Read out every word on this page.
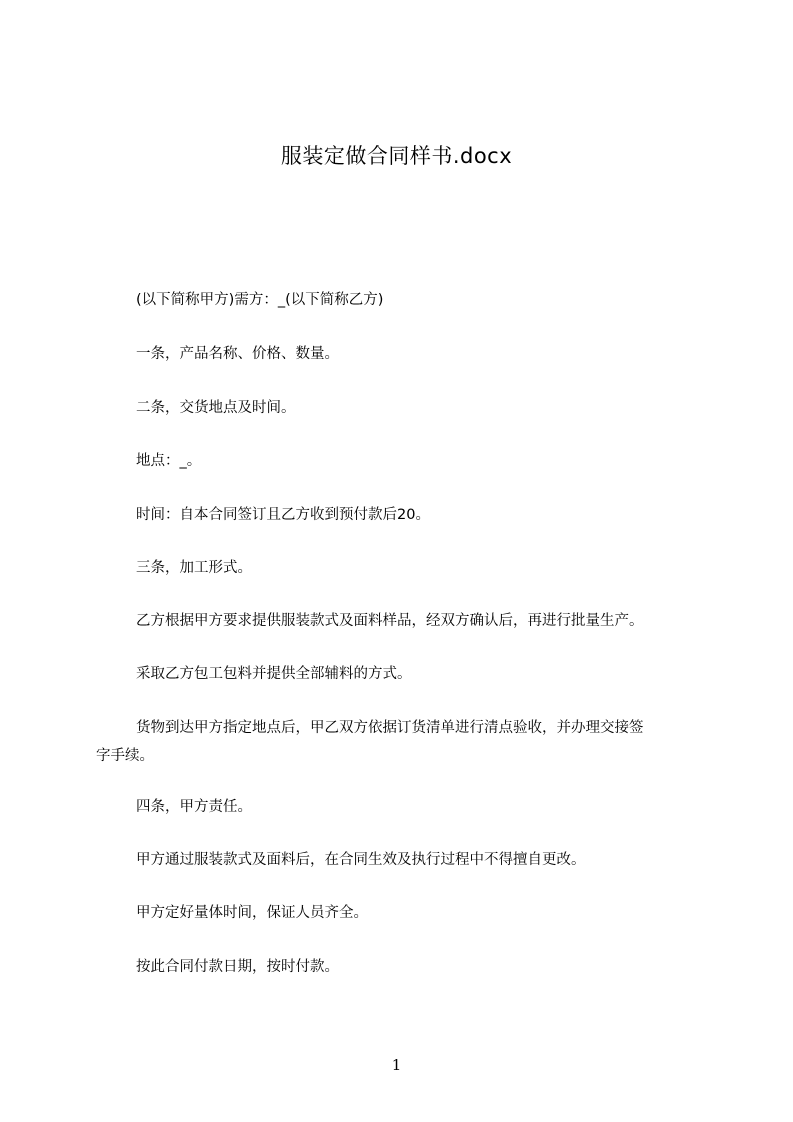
服装定做合同样书.docx
(以下简称甲方)需方：_(以下简称乙方)
一条，产品名称、价格、数量。
二条，交货地点及时间。
地点：_。
时间：自本合同签订且乙方收到预付款后20。
三条，加工形式。
乙方根据甲方要求提供服装款式及面料样品，经双方确认后，再进行批量生产。
采取乙方包工包料并提供全部辅料的方式。
货物到达甲方指定地点后，甲乙双方依据订货清单进行清点验收，并办理交接签
字手续。
四条，甲方责任。
甲方通过服装款式及面料后，在合同生效及执行过程中不得擅自更改。
甲方定好量体时间，保证人员齐全。
按此合同付款日期，按时付款。
1
